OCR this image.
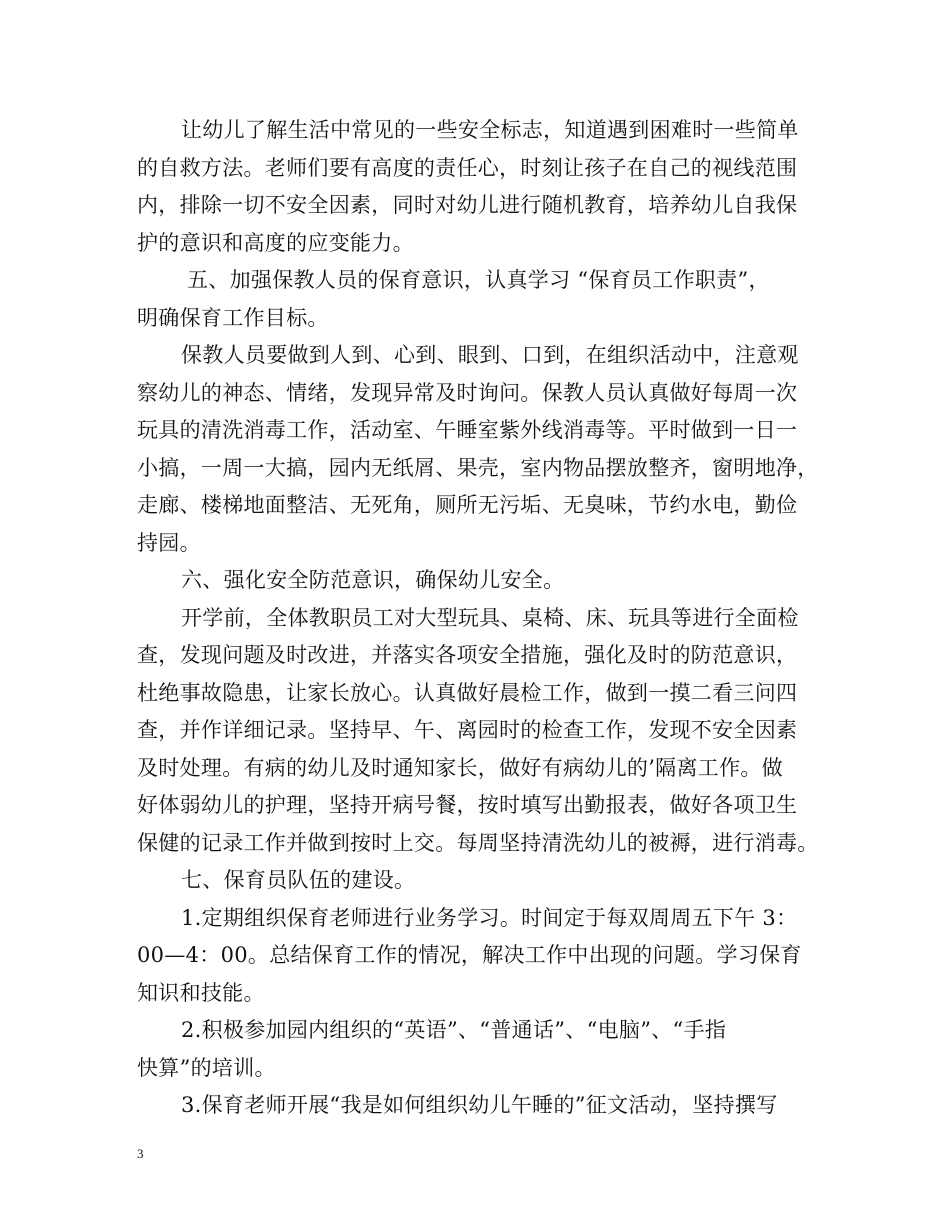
让幼儿了解生活中常见的一些安全标志，知道遇到困难时一些简单
的自救方法。老师们要有高度的责任心，时刻让孩子在自己的视线范围
内，排除一切不安全因素，同时对幼儿进行随机教育，培养幼儿自我保
护的意识和高度的应变能力。
五、加强保教人员的保育意识，认真学习 “保育员工作职责”，
明确保育工作目标。
保教人员要做到人到、心到、眼到、口到，在组织活动中，注意观
察幼儿的神态、情绪，发现异常及时询问。保教人员认真做好每周一次
玩具的清洗消毒工作，活动室、午睡室紫外线消毒等。平时做到一日一
小搞，一周一大搞，园内无纸屑、果壳，室内物品摆放整齐，窗明地净，
走廊、楼梯地面整洁、无死角，厕所无污垢、无臭味，节约水电，勤俭
持园。
六、强化安全防范意识，确保幼儿安全。
开学前，全体教职员工对大型玩具、桌椅、床、玩具等进行全面检
查，发现问题及时改进，并落实各项安全措施，强化及时的防范意识，
杜绝事故隐患，让家长放心。认真做好晨检工作，做到一摸二看三问四
查，并作详细记录。坚持早、午、离园时的检查工作，发现不安全因素
及时处理。有病的幼儿及时通知家长，做好有病幼儿的’隔离工作。做
好体弱幼儿的护理，坚持开病号餐，按时填写出勤报表，做好各项卫生
保健的记录工作并做到按时上交。每周坚持清洗幼儿的被褥，进行消毒。
七、保育员队伍的建设。
1.定期组织保育老师进行业务学习。时间定于每双周周五下午 3：
00—4：00。总结保育工作的情况，解决工作中出现的问题。学习保育
知识和技能。
2.积极参加园内组织的“英语”、“普通话”、“电脑”、“手指
快算”的培训。
3.保育老师开展“我是如何组织幼儿午睡的”征文活动，坚持撰写
3
